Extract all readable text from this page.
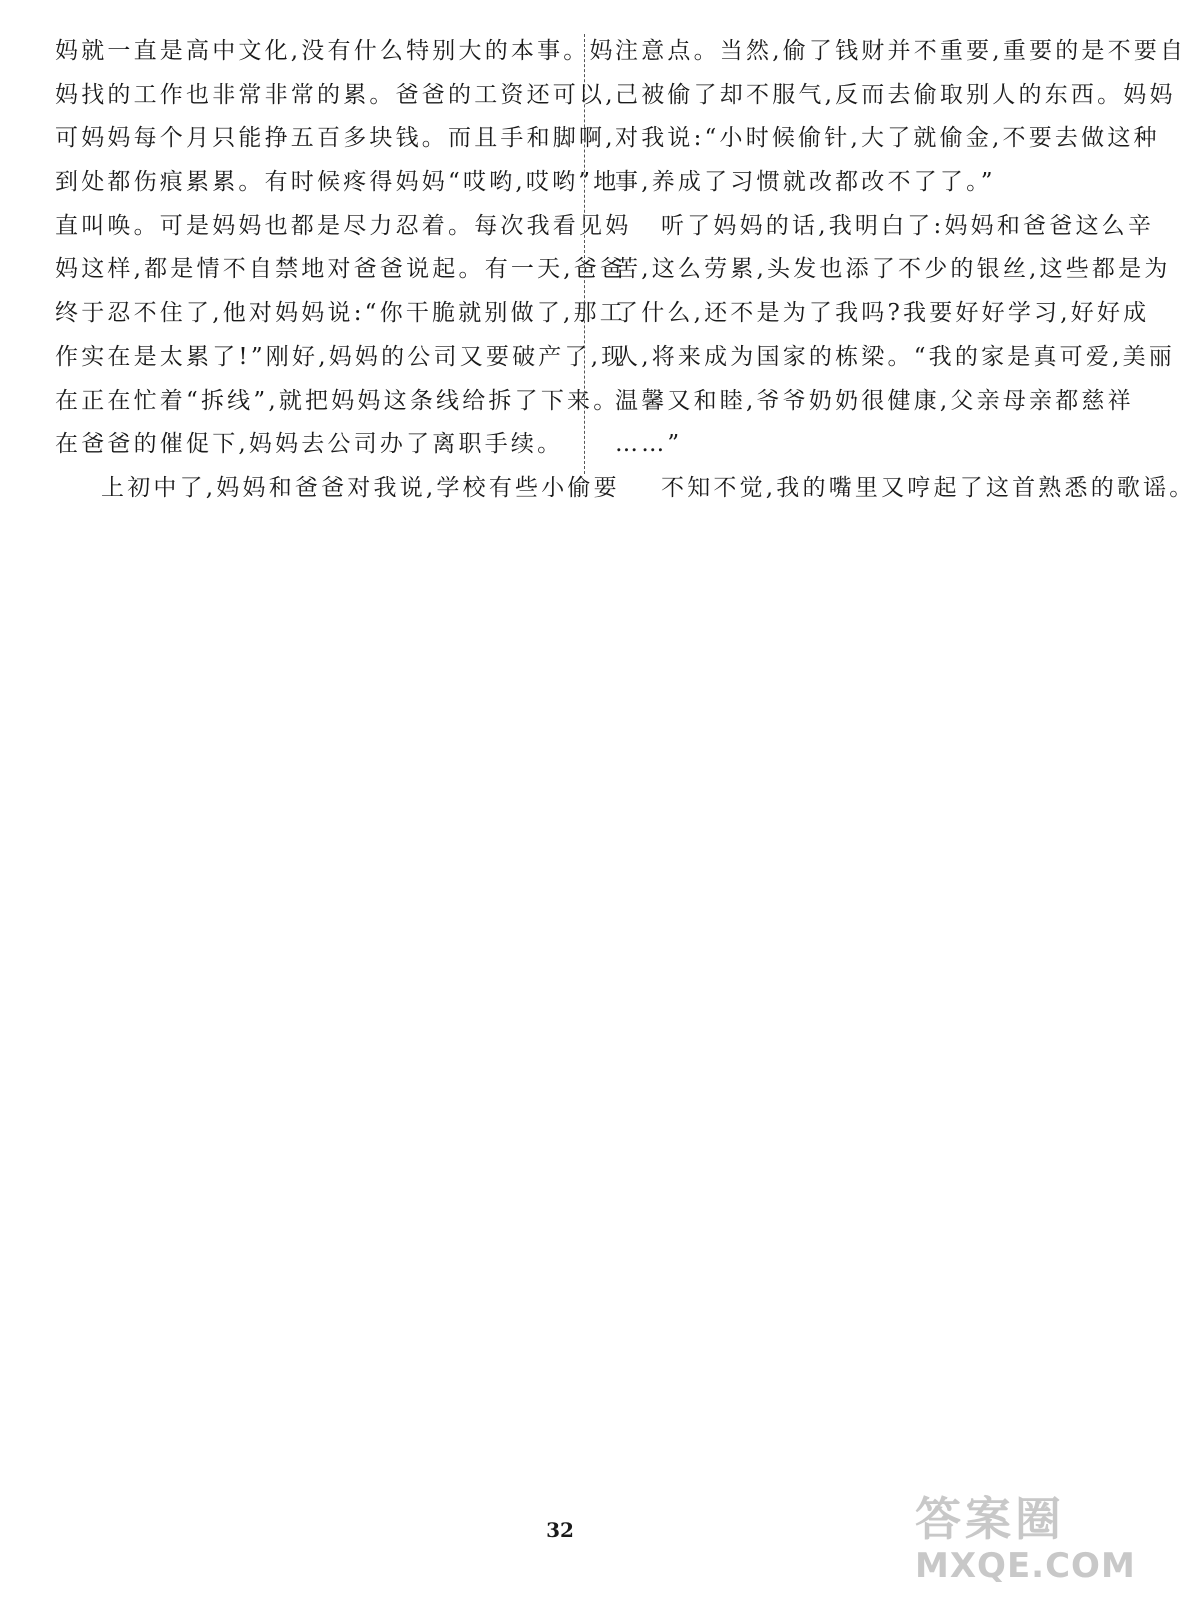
妈就一直是高中文化,没有什么特别大的本事。妈
妈找的工作也非常非常的累。爸爸的工资还可以,
可妈妈每个月只能挣五百多块钱。而且手和脚啊,
到处都伤痕累累。有时候疼得妈妈“哎哟,哎哟”地
直叫唤。可是妈妈也都是尽力忍着。每次我看见妈
妈这样,都是情不自禁地对爸爸说起。有一天,爸爸
终于忍不住了,他对妈妈说:“你干脆就别做了,那工
作实在是太累了!”刚好,妈妈的公司又要破产了,现
在正在忙着“拆线”,就把妈妈这条线给拆了下来。
在爸爸的催促下,妈妈去公司办了离职手续。
上初中了,妈妈和爸爸对我说,学校有些小偷要
注意点。当然,偷了钱财并不重要,重要的是不要自
己被偷了却不服气,反而去偷取别人的东西。妈妈
对我说:“小时候偷针,大了就偷金,不要去做这种
事,养成了习惯就改都改不了了。”
听了妈妈的话,我明白了:妈妈和爸爸这么辛
苦,这么劳累,头发也添了不少的银丝,这些都是为
了什么,还不是为了我吗?我要好好学习,好好成
人,将来成为国家的栋梁。“我的家是真可爱,美丽
温馨又和睦,爷爷奶奶很健康,父亲母亲都慈祥
……”
不知不觉,我的嘴里又哼起了这首熟悉的歌谣。
32	答案圈
MXQE.COM
